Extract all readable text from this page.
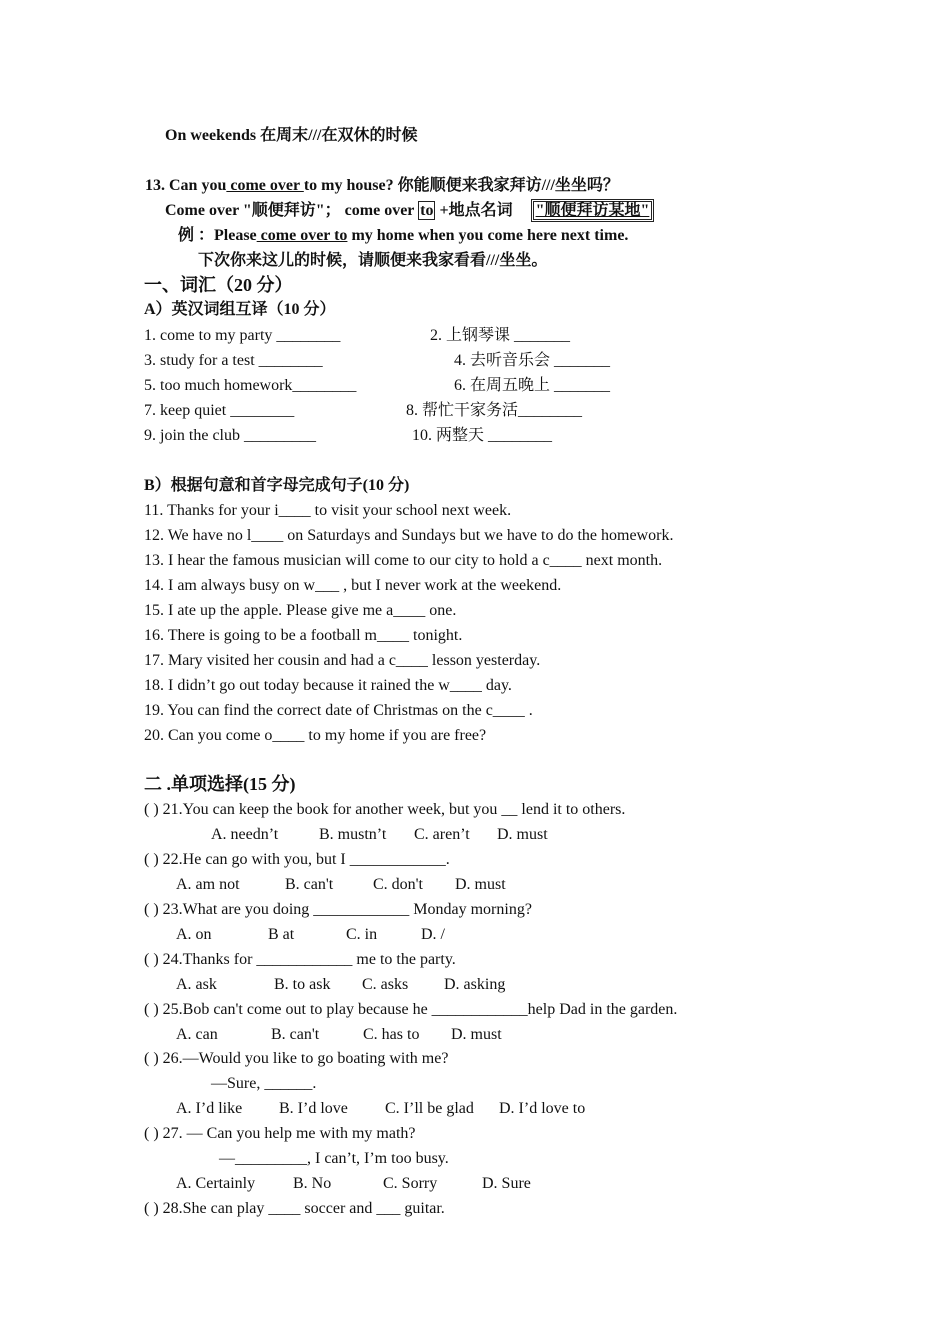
On weekends 在周末///在双休的时候
13. Can you come over to my house? 你能顺便来我家拜访///坐坐吗？
Come over "顺便拜访"； come over to +地点名词 "顺便拜访某地"
例 ：Please come over to my home when you come here next time.
下次你来这儿的时候，请顺便来我家看看///坐坐。
一、词汇（20 分）
A）英汉词组互译（10 分）
1. come to my party ________	2. 上钢琴课 _______
3. study for a test ________	4. 去听音乐会 _______
5. too much homework________	6. 在周五晚上 _______
7. keep quiet ________	8. 帮忙干家务活________
9. join the club _________	10. 两整天 ________
B）根据句意和首字母完成句子(10 分)
11. Thanks for your i____ to visit your school next week.
12. We have no l____ on Saturdays and Sundays but we have to do the homework.
13. I hear the famous musician will come to our city to hold a c____ next month.
14. I am always busy on w___ , but I never work at the weekend.
15. I ate up the apple. Please give me a____ one.
16. There is going to be a football m____ tonight.
17. Mary visited her cousin and had a c____ lesson yesterday.
18. I didn’t go out today because it rained the w____ day.
19. You can find the correct date of Christmas on the c____ .
20. Can you come o____ to my home if you are free?
二 .单项选择(15 分)
( ) 21.You can keep the book for another week, but you __ lend it to others.
A. needn’t	B. mustn’t C. aren’t D. must
( ) 22.He can go with you, but I ____________.
A. am not	B. can't C. don't D. must
( ) 23.What are you doing ____________ Monday morning?
A. on	B at	C. in	D. /
( ) 24.Thanks for ____________ me to the party.
A. ask	B. to ask C. asks D. asking
( ) 25.Bob can't come out to play because he ____________help Dad in the garden.
A. can	B. can't	C. has to D. must
( ) 26.—Would you like to go boating with me?
—Sure, ______.
A. I’d like B. I’d love C. I’ll be glad D. I’d love to
( ) 27. — Can you help me with my math?
—_________, I can’t, I’m too busy.
A. Certainly B. No	C. Sorry	D. Sure
( ) 28.She can play ____ soccer and ___ guitar.
